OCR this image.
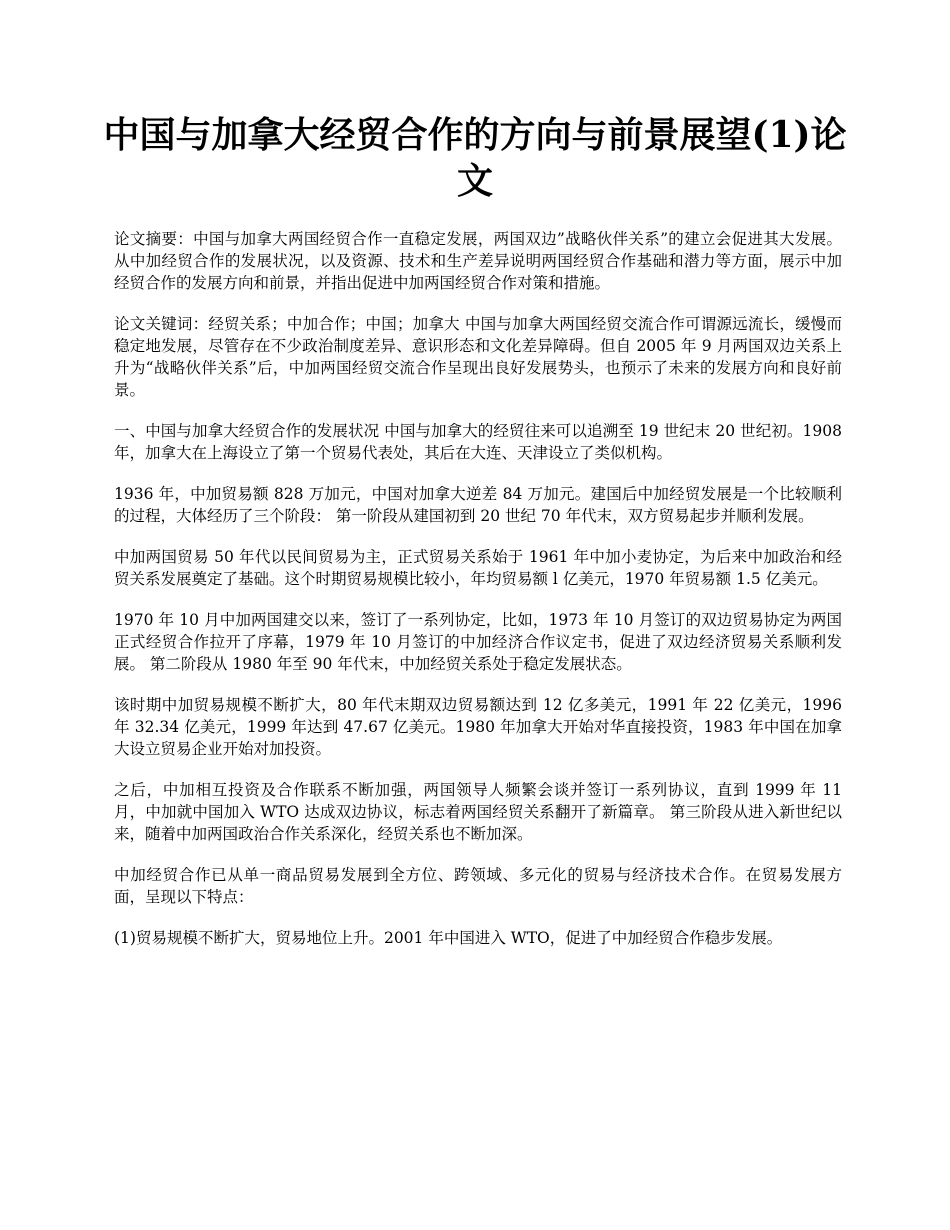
中国与加拿大经贸合作的方向与前景展望(1)论文

论文摘要：中国与加拿大两国经贸合作一直稳定发展，两国双边”战略伙伴关系”的建立会促进其大发展。从中加经贸合作的发展状况，以及资源、技术和生产差异说明两国经贸合作基础和潜力等方面，展示中加经贸合作的发展方向和前景，并指出促进中加两国经贸合作对策和措施。

论文关键词：经贸关系；中加合作；中国；加拿大 中国与加拿大两国经贸交流合作可谓源远流长，缓慢而稳定地发展，尽管存在不少政治制度差异、意识形态和文化差异障碍。但自 2005 年 9 月两国双边关系上升为“战略伙伴关系”后，中加两国经贸交流合作呈现出良好发展势头，也预示了未来的发展方向和良好前景。

一、中国与加拿大经贸合作的发展状况 中国与加拿大的经贸往来可以追溯至 19 世纪末 20 世纪初。1908 年，加拿大在上海设立了第一个贸易代表处，其后在大连、天津设立了类似机构。

1936 年，中加贸易额 828 万加元，中国对加拿大逆差 84 万加元。建国后中加经贸发展是一个比较顺利的过程，大体经历了三个阶段： 第一阶段从建国初到 20 世纪 70 年代末，双方贸易起步并顺利发展。

中加两国贸易 50 年代以民间贸易为主，正式贸易关系始于 1961 年中加小麦协定，为后来中加政治和经贸关系发展奠定了基础。这个时期贸易规模比较小，年均贸易额 l 亿美元，1970 年贸易额 1.5 亿美元。

1970 年 10 月中加两国建交以来，签订了一系列协定，比如，1973 年 10 月签订的双边贸易协定为两国正式经贸合作拉开了序幕，1979 年 10 月签订的中加经济合作议定书，促进了双边经济贸易关系顺利发展。 第二阶段从 1980 年至 90 年代末，中加经贸关系处于稳定发展状态。

该时期中加贸易规模不断扩大，80 年代末期双边贸易额达到 12 亿多美元，1991 年 22 亿美元，1996 年 32.34 亿美元，1999 年达到 47.67 亿美元。1980 年加拿大开始对华直接投资，1983 年中国在加拿大设立贸易企业开始对加投资。

之后，中加相互投资及合作联系不断加强，两国领导人频繁会谈并签订一系列协议，直到 1999 年 11 月，中加就中国加入 WTO 达成双边协议，标志着两国经贸关系翻开了新篇章。 第三阶段从进入新世纪以来，随着中加两国政治合作关系深化，经贸关系也不断加深。

中加经贸合作已从单一商品贸易发展到全方位、跨领域、多元化的贸易与经济技术合作。在贸易发展方面，呈现以下特点：

(1)贸易规模不断扩大，贸易地位上升。2001 年中国进入 WTO，促进了中加经贸合作稳步发展。
